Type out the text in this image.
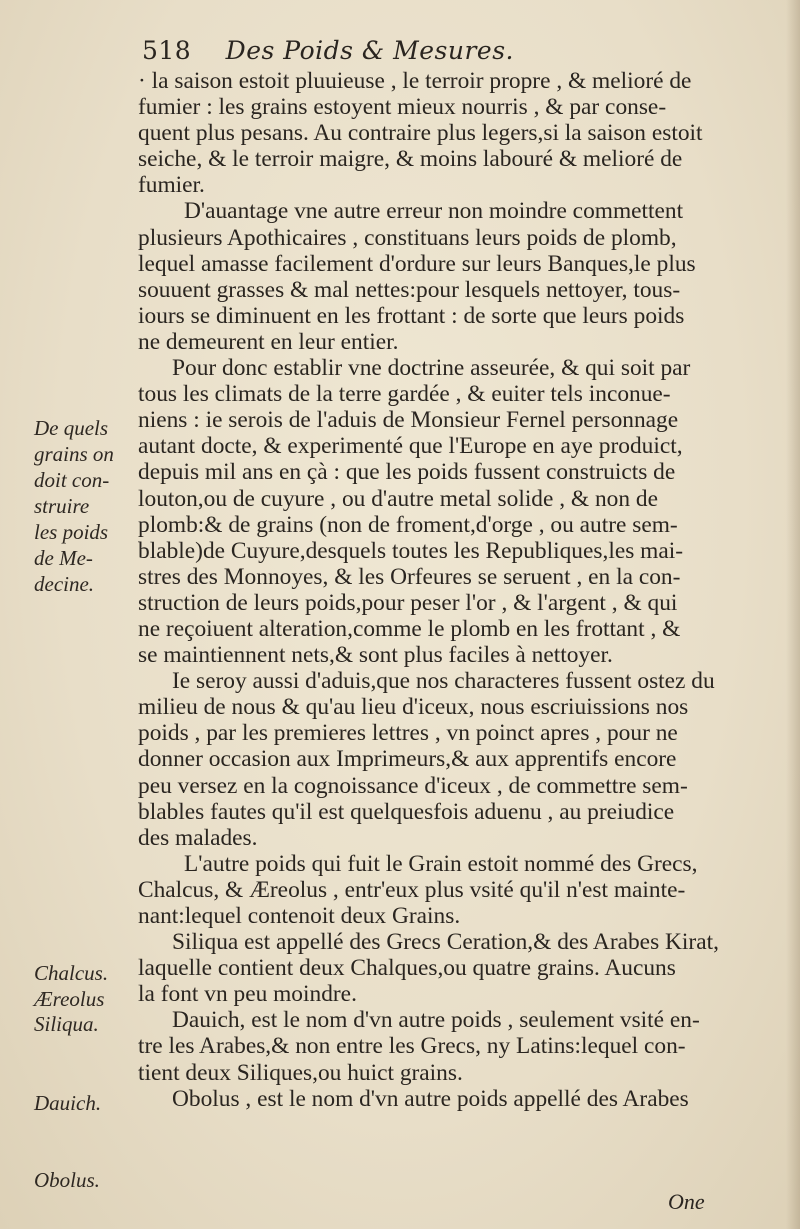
518 Des Poids & Mesures.
· la saison estoit pluuieuse , le terroir propre , & melioré de
fumier : les grains estoyent mieux nourris , & par conse-
quent plus pesans. Au contraire plus legers,si la saison estoit
seiche, & le terroir maigre, & moins labouré & melioré de
fumier.
D'auantage vne autre erreur non moindre commettent
plusieurs Apothicaires , constituans leurs poids de plomb,
lequel amasse facilement d'ordure sur leurs Banques,le plus
souuent grasses & mal nettes:pour lesquels nettoyer, tous-
iours se diminuent en les frottant : de sorte que leurs poids
ne demeurent en leur entier.
Pour donc establir vne doctrine asseurée, & qui soit par
tous les climats de la terre gardée , & euiter tels inconue-
niens : ie serois de l'aduis de Monsieur Fernel personnage
autant docte, & experimenté que l'Europe en aye produict,
depuis mil ans en çà : que les poids fussent construicts de
louton,ou de cuyure , ou d'autre metal solide , & non de
plomb:& de grains (non de froment,d'orge , ou autre sem-
blable)de Cuyure,desquels toutes les Republiques,les mai-
stres des Monnoyes, & les Orfeures se seruent , en la con-
struction de leurs poids,pour peser l'or , & l'argent , & qui
ne reçoiuent alteration,comme le plomb en les frottant , &
se maintiennent nets,& sont plus faciles à nettoyer.
Ie seroy aussi d'aduis,que nos characteres fussent ostez du
milieu de nous & qu'au lieu d'iceux, nous escriuissions nos
poids , par les premieres lettres , vn poinct apres , pour ne
donner occasion aux Imprimeurs,& aux apprentifs encore
peu versez en la cognoissance d'iceux , de commettre sem-
blables fautes qu'il est quelquesfois aduenu , au preiudice
des malades.
L'autre poids qui fuit le Grain estoit nommé des Grecs,
Chalcus, & Æreolus , entr'eux plus vsité qu'il n'est mainte-
nant:lequel contenoit deux Grains.
Siliqua est appellé des Grecs Ceration,& des Arabes Kirat,
laquelle contient deux Chalques,ou quatre grains. Aucuns
la font vn peu moindre.
Dauich, est le nom d'vn autre poids , seulement vsité en-
tre les Arabes,& non entre les Grecs, ny Latins:lequel con-
tient deux Siliques,ou huict grains.
Obolus , est le nom d'vn autre poids appellé des Arabes
De quels
grains on
doit con-
struire
les poids
de Me-
decine.
Chalcus.
Æreolus
Siliqua.
Dauich.
Obolus.
One
